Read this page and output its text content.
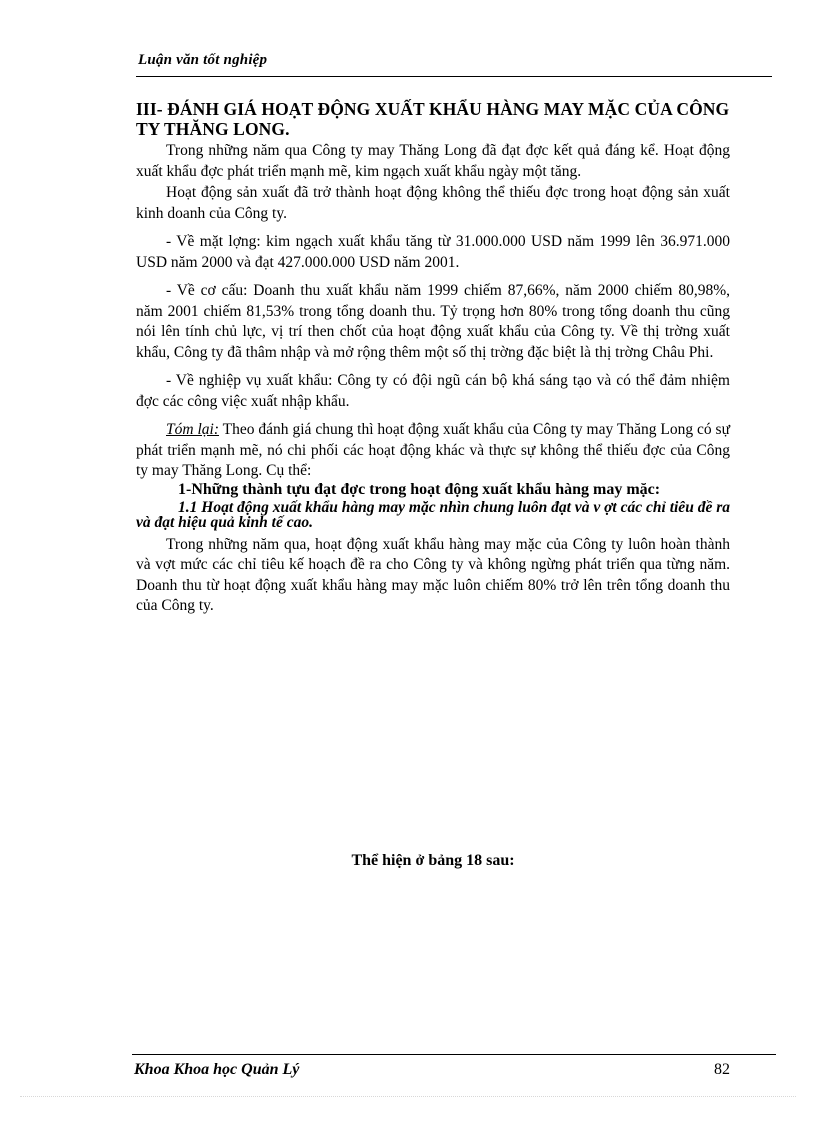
Luận văn tốt nghiệp
III- ĐÁNH GIÁ HOẠT ĐỘNG XUẤT KHẨU HÀNG MAY MẶC CỦA CÔNG TY THĂNG LONG.

Trong những năm qua Công ty may Thăng Long đã đạt đợc kết quả đáng kể. Hoạt động xuất khẩu đợc phát triển mạnh mẽ, kim ngạch xuất khẩu ngày một tăng.

Hoạt động sản xuất đã trở thành hoạt động không thể thiếu đợc trong hoạt động sản xuất kinh doanh của Công ty.

- Về mặt lợng: kim ngạch xuất khẩu tăng từ 31.000.000 USD năm 1999 lên 36.971.000 USD năm 2000 và đạt 427.000.000 USD năm 2001.

- Về cơ cấu: Doanh thu xuất khẩu năm 1999 chiếm 87,66%, năm 2000 chiếm 80,98%, năm 2001 chiếm 81,53% trong tổng doanh thu. Tỷ trọng hơn 80% trong tổng doanh thu cũng nói lên tính chủ lực, vị trí then chốt của hoạt động xuất khẩu của Công ty. Về thị trờng xuất khẩu, Công ty đã thâm nhập và mở rộng thêm một số thị trờng đặc biệt là thị trờng Châu Phi.

- Về nghiệp vụ xuất khẩu: Công ty có đội ngũ cán bộ khá sáng tạo và có thể đảm nhiệm đợc các công việc xuất nhập khẩu.

Tóm lại: Theo đánh giá chung thì hoạt động xuất khẩu của Công ty may Thăng Long có sự phát triển mạnh mẽ, nó chi phối các hoạt động khác và thực sự không thể thiếu đợc của Công ty may Thăng Long. Cụ thể:

1-Những thành tựu đạt đợc trong hoạt động xuất khẩu hàng may mặc:
1.1 Hoạt động xuất khẩu hàng may mặc nhìn chung luôn đạt và v ợt các chỉ tiêu đề ra và đạt hiệu quả kinh tế cao.

Trong những năm qua, hoạt động xuất khẩu hàng may mặc của Công ty luôn hoàn thành và vợt mức các chỉ tiêu kế hoạch đề ra cho Công ty và không ngừng phát triển qua từng năm. Doanh thu từ hoạt động xuất khẩu hàng may mặc luôn chiếm 80% trở lên trên tổng doanh thu của Công ty.

Thể hiện ở bảng 18 sau:
Khoa Khoa học Quản Lý	82
